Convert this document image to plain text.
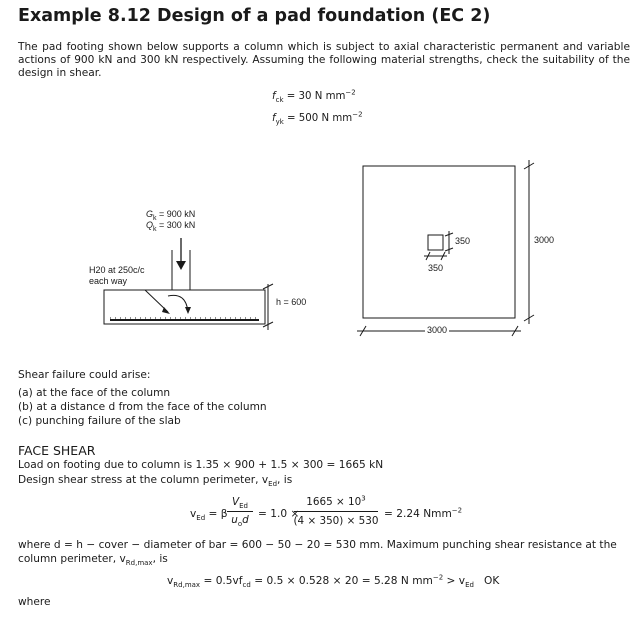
Example 8.12 Design of a pad foundation (EC 2)
The pad footing shown below supports a column which is subject to axial characteristic permanent and variable actions of 900 kN and 300 kN respectively. Assuming the following material strengths, check the suitability of the design in shear.
$f_{ck} = 30$ N $mm^{-2}$
$f_{yk} = 500$ N $mm^{-2}$
$G_k = 900$ kN
$Q_k = 300$ kN
H20 at 250c/c
each way
h = 600
350
350
3000
3000
Shear failure could arise:
(a) at the face of the column
(b) at a distance d from the face of the column
(c) punching failure of the slab
FACE SHEAR
Load on footing due to column is 1.35 × 900 + 1.5 × 300 = 1665 kN
Design shear stress at the column perimeter, $v_{Ed}$, is
$v_{Ed} = \beta$
$V_{Ed}$
$u_od = 1.0$ ×
$1665 \times 10^3$
(4 × 350) × 530
= 2.24 Nmm$^{-2}$
where d = h − cover − diameter of bar = 600 − 50 − 20 = 530 mm. Maximum punching shear resistance at the column perimeter, $v_{Rd,max}$, is
$v_{Rd,max} = 0.5vf_{cd} = 0.5 \times 0.528 \times 20 = 5.28$ N $mm^{-2} > v_{Ed}$ OK
where
